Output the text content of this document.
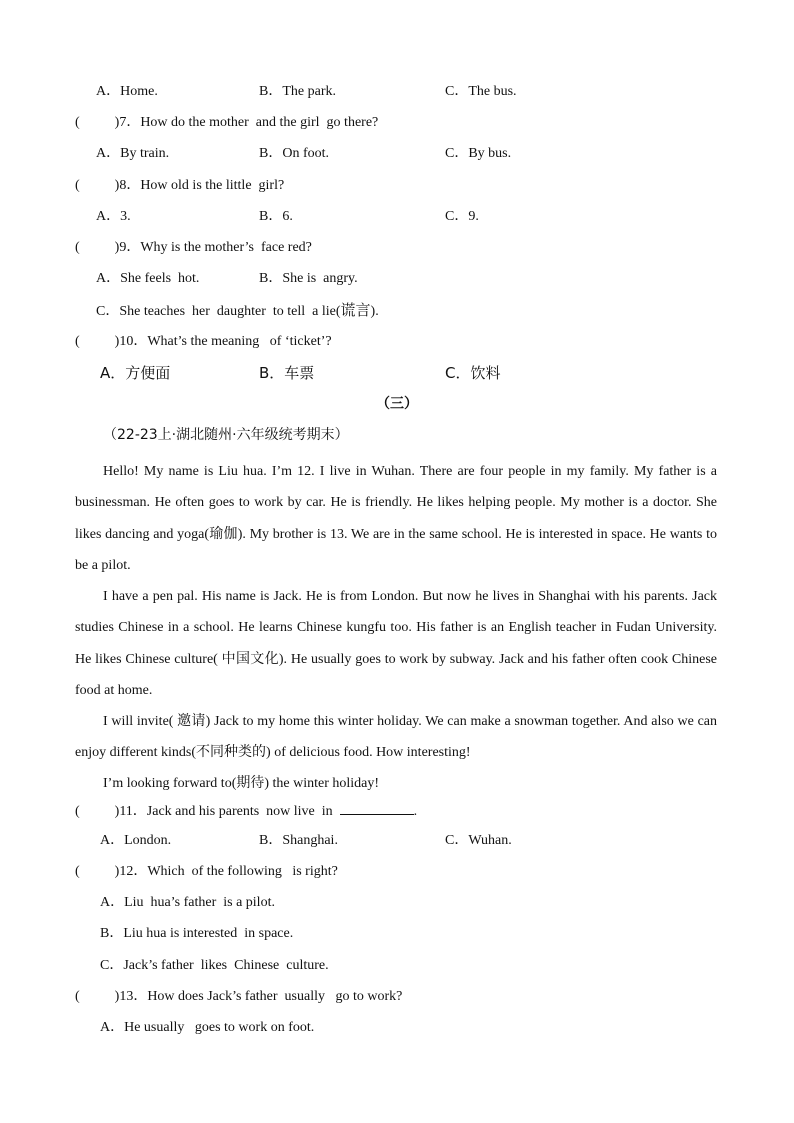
A．Home.	B．The park.	C．The bus.
(          )7．How do the mother  and the girl  go there?
A．By train.	B．On foot.	C．By bus.
(          )8．How old is the little  girl?
A．3.	B．6.	C．9.
(          )9．Why is the mother’s  face red?
A．She feels  hot.	B．She is  angry.
C．She teaches  her  daughter  to tell  a lie(谎言).
(          )10．What’s the meaning   of ‘ticket’?
A．方便面	B．车票	C．饮料
（三）
（22-23上·湖北随州·六年级统考期末）
Hello! My name is Liu hua. I’m 12. I live in Wuhan. There are four people in my family. My father is a businessman. He often goes to work by car. He is friendly. He likes helping people. My mother is a doctor. She likes dancing and yoga(瑜伽). My brother is 13. We are in the same school. He is interested in space. He wants to be a pilot.
I have a pen pal. His name is Jack. He is from London. But now he lives in Shanghai with his parents. Jack studies Chinese in a school. He learns Chinese kungfu too. His father is an English teacher in Fudan University. He likes Chinese culture( 中国文化). He usually goes to work by subway. Jack and his father often cook Chinese food at home.
I will invite( 邀请) Jack to my home this winter holiday. We can make a snowman together. And also we can enjoy different kinds(不同种类的) of delicious food. How interesting!
I’m looking forward to(期待) the winter holiday!
(          )11．Jack and his parents  now live  in	.
A．London.	B．Shanghai.	C．Wuhan.
(          )12．Which  of the following   is right?
A．Liu  hua’s father  is a pilot.
B．Liu hua is interested  in space.
C．Jack’s father  likes  Chinese  culture.
(          )13．How does Jack’s father  usually   go to work?
A．He usually   goes to work on foot.
